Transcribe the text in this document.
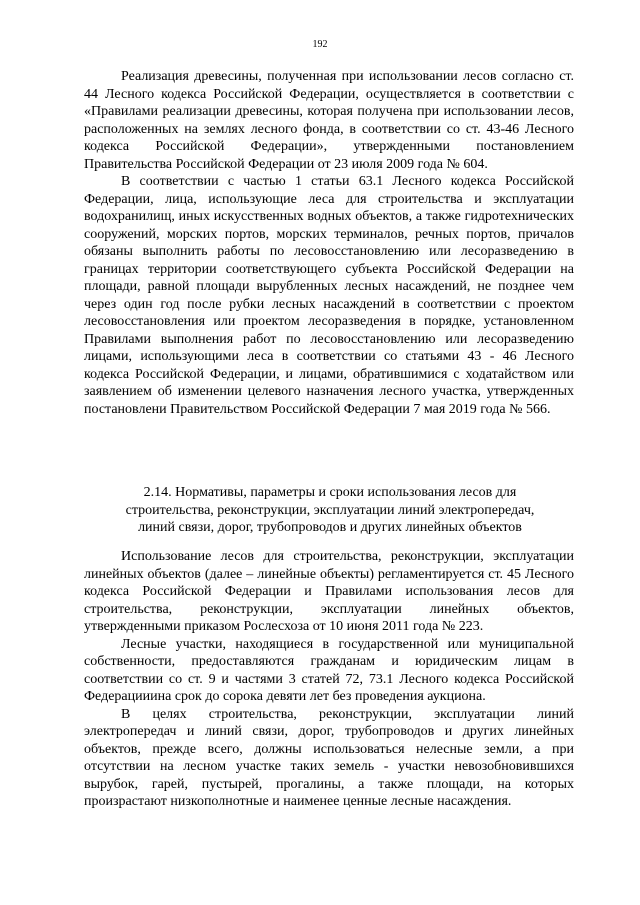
192

Реализация древесины, полученная при использовании лесов согласно ст. 44 Лесного кодекса Российской Федерации, осуществляется в соответствии с «Правилами реализации древесины, которая получена при использовании лесов, расположенных на землях лесного фонда, в соответствии со ст. 43-46 Лесного кодекса Российской Федерации», утвержденными постановлением Правительства Российской Федерации от 23 июля 2009 года № 604.

В соответствии с частью 1 статьи 63.1 Лесного кодекса Российской Федерации, лица, использующие леса для строительства и эксплуатации водохранилищ, иных искусственных водных объектов, а также гидротехнических сооружений, морских портов, морских терминалов, речных портов, причалов обязаны выполнить работы по лесовосстановлению или лесоразведению в границах территории соответствующего субъекта Российской Федерации на площади, равной площади вырубленных лесных насаждений, не позднее чем через один год после рубки лесных насаждений в соответствии с проектом лесовосстановления или проектом лесоразведения в порядке, установленном Правилами выполнения работ по лесовосстановлению или лесоразведению лицами, использующими леса в соответствии со статьями 43 - 46 Лесного кодекса Российской Федерации, и лицами, обратившимися с ходатайством или заявлением об изменении целевого назначения лесного участка, утвержденных постановлени Правительством Российской Федерации 7 мая 2019 года № 566.

2.14. Нормативы, параметры и сроки использования лесов для строительства, реконструкции, эксплуатации линий электропередач, линий связи, дорог, трубопроводов и других линейных объектов

Использование лесов для строительства, реконструкции, эксплуатации линейных объектов (далее – линейные объекты) регламентируется ст. 45 Лесного кодекса Российской Федерации и Правилами использования лесов для строительства, реконструкции, эксплуатации линейных объектов, утвержденными приказом Рослесхоза от 10 июня 2011 года № 223.

Лесные участки, находящиеся в государственной или муниципальной собственности, предоставляются гражданам и юридическим лицам в соответствии со ст. 9 и частями 3 статей 72, 73.1 Лесного кодекса Российской Федерацииина срок до сорока девяти лет без проведения аукциона.

В целях строительства, реконструкции, эксплуатации линий электропередач и линий связи, дорог, трубопроводов и других линейных объектов, прежде всего, должны использоваться нелесные земли, а при отсутствии на лесном участке таких земель - участки невозобновившихся вырубок, гарей, пустырей, прогалины, а также площади, на которых произрастают низкополнотные и наименее ценные лесные насаждения.
